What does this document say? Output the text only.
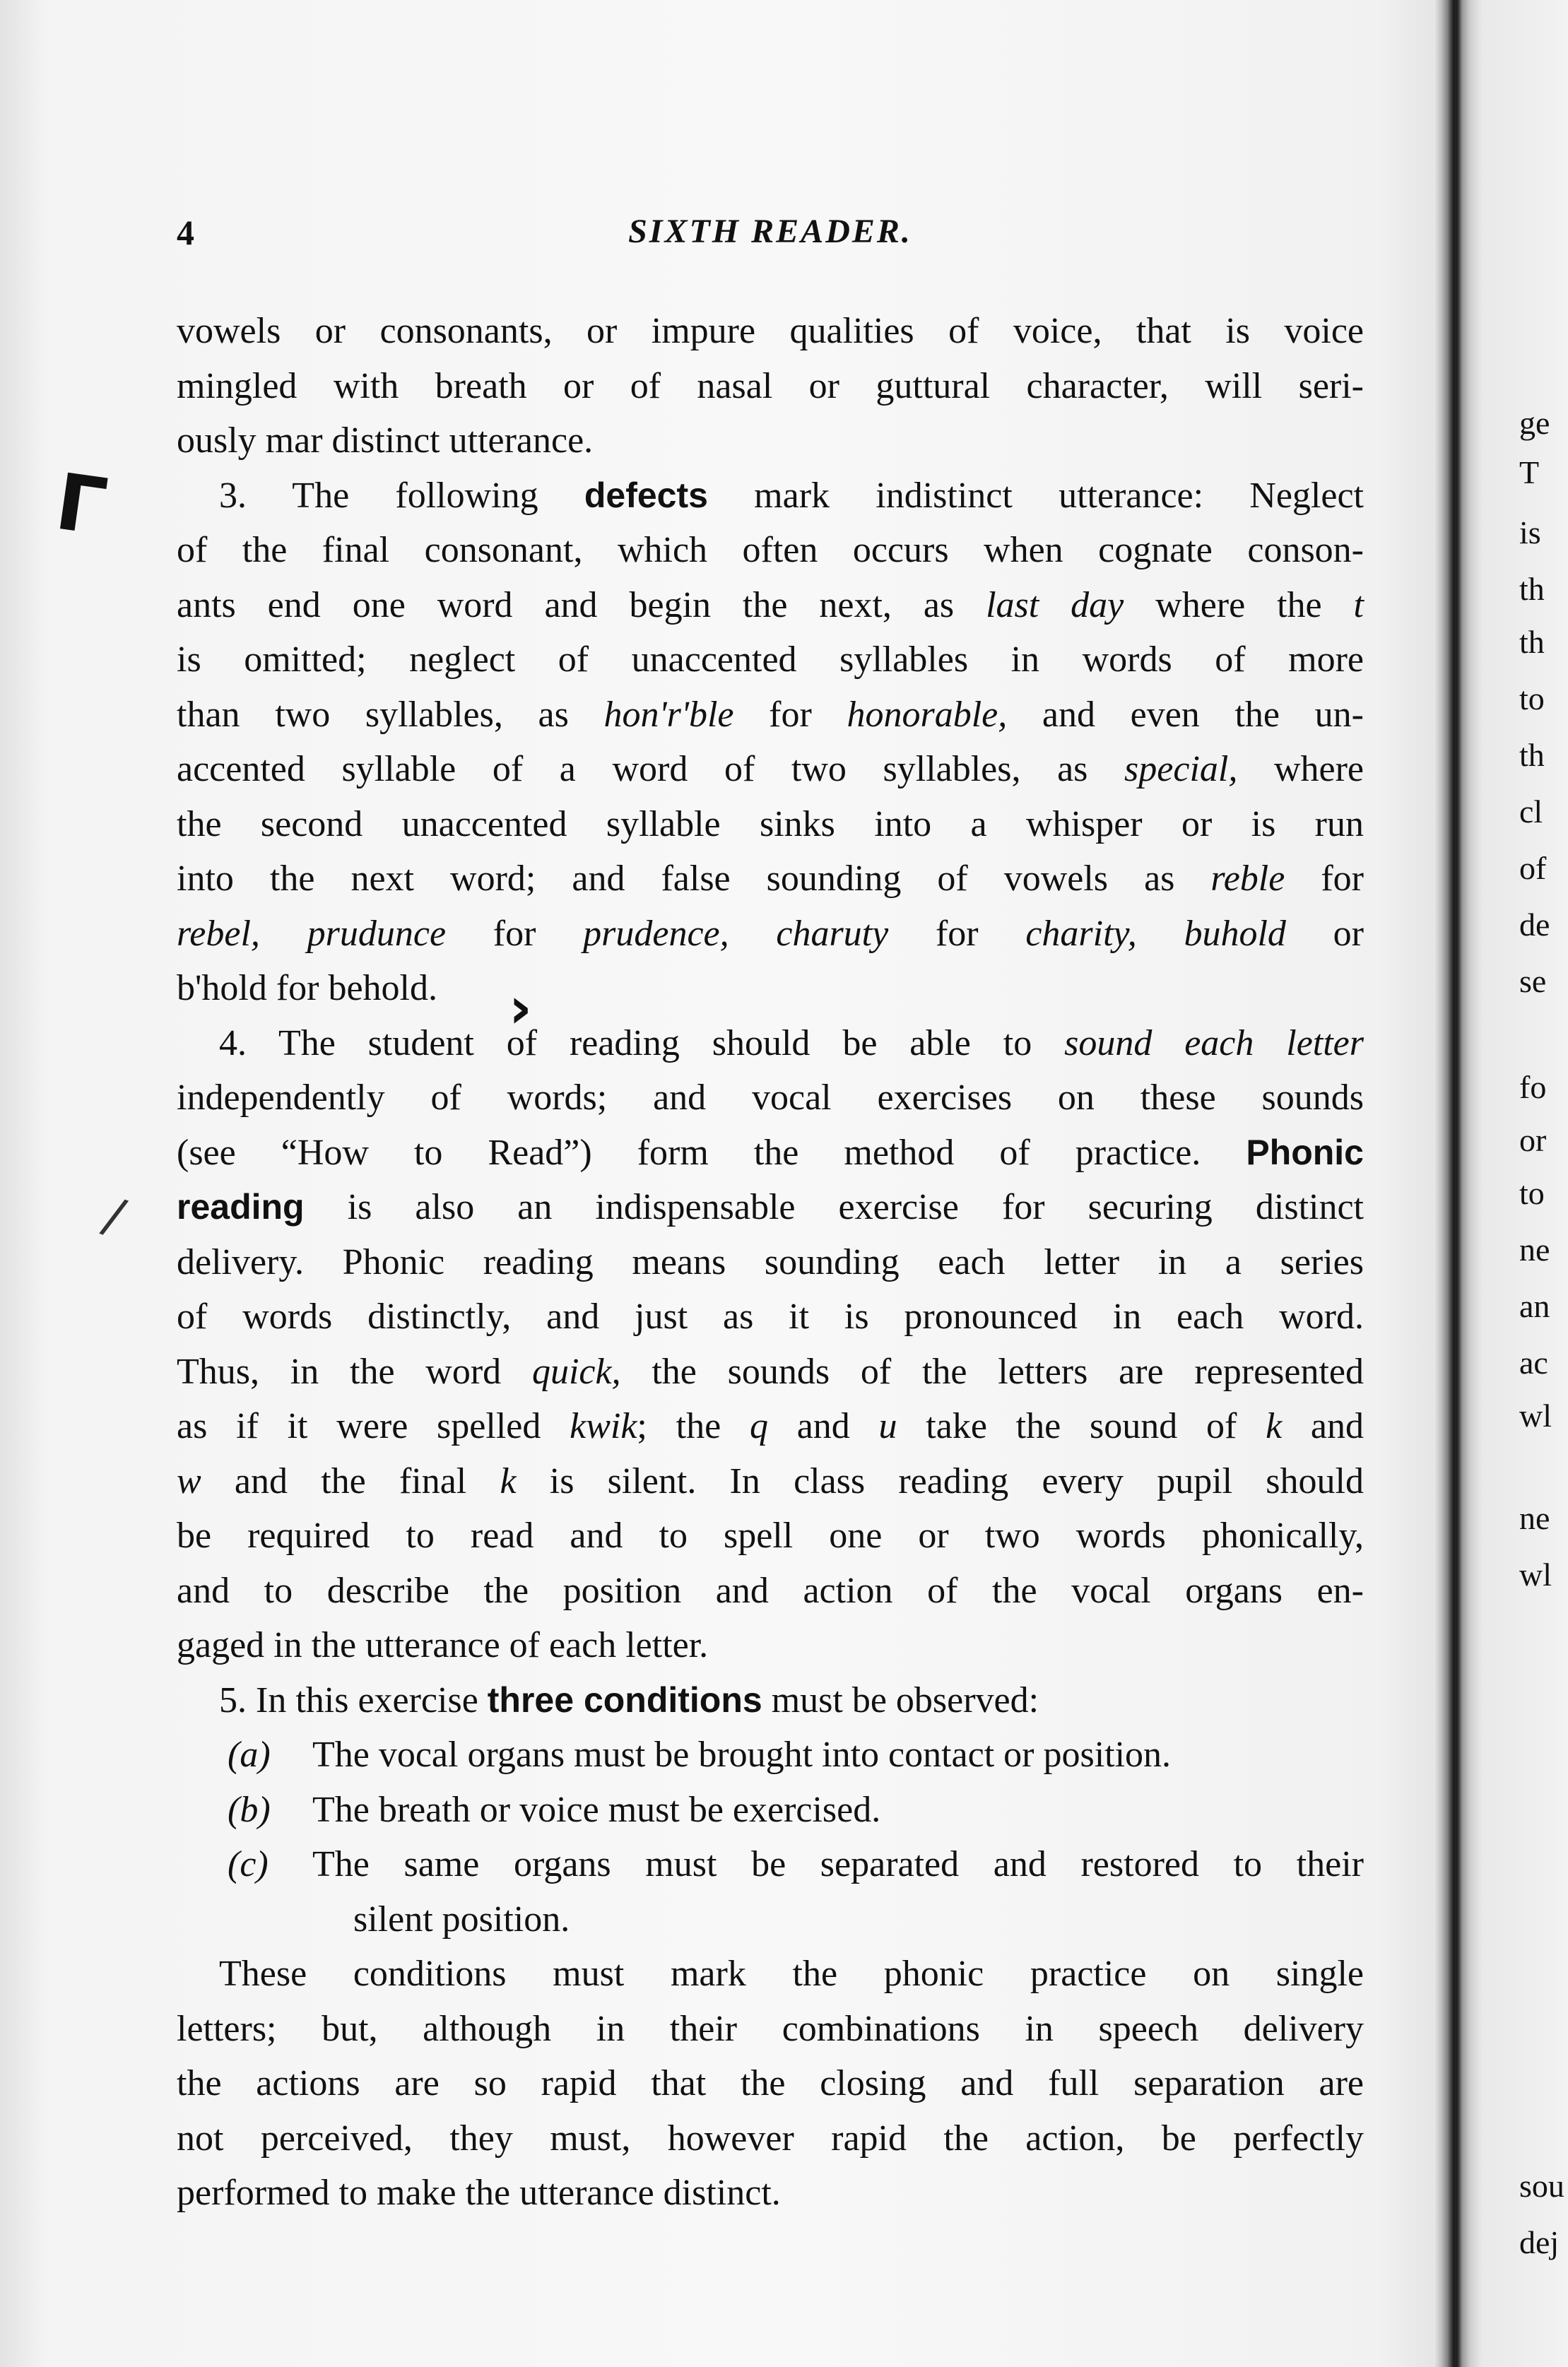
4	SIXTH READER.
Γ
›
/
vowels or consonants, or impure qualities of voice, that is voice
mingled with breath or of nasal or guttural character, will seri-
ously mar distinct utterance.
3. The following defects mark indistinct utterance: Neglect
of the final consonant, which often occurs when cognate conson-
ants end one word and begin the next, as last day where the t
is omitted; neglect of unaccented syllables in words of more
than two syllables, as hon'r'ble for honorable, and even the un-
accented syllable of a word of two syllables, as special, where
the second unaccented syllable sinks into a whisper or is run
into the next word; and false sounding of vowels as reble for
rebel, prudunce for prudence, charuty for charity, buhold or
b'hold for behold.
4. The student of reading should be able to sound each letter
independently of words; and vocal exercises on these sounds
(see “How to Read”) form the method of practice. Phonic
reading is also an indispensable exercise for securing distinct
delivery. Phonic reading means sounding each letter in a series
of words distinctly, and just as it is pronounced in each word.
Thus, in the word quick, the sounds of the letters are represented
as if it were spelled kwik; the q and u take the sound of k and
w and the final k is silent. In class reading every pupil should
be required to read and to spell one or two words phonically,
and to describe the position and action of the vocal organs en-
gaged in the utterance of each letter.
5. In this exercise three conditions must be observed:
(a) The vocal organs must be brought into contact or position.
(b) The breath or voice must be exercised.
(c) The same organs must be separated and restored to their
silent position.
These conditions must mark the phonic practice on single
letters; but, although in their combinations in speech delivery
the actions are so rapid that the closing and full separation are
not perceived, they must, however rapid the action, be perfectly
performed to make the utterance distinct.
ge
T
is
th
th
to
th
cl
of
de
se
fo
or
to
ne
an
ac
wl
ne
wl
sou
dej
